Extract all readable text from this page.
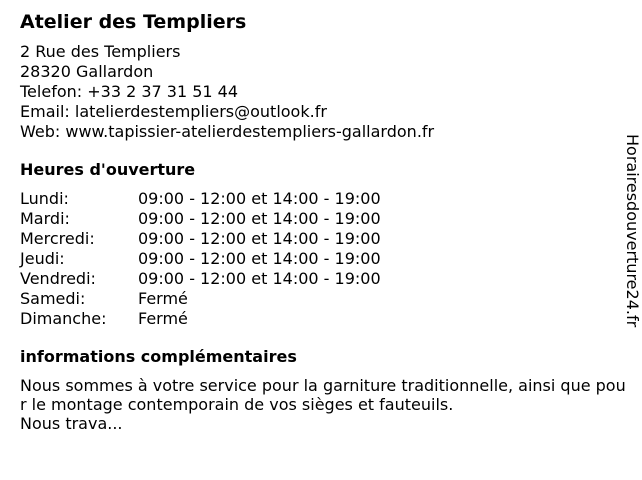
Atelier des Templiers
2 Rue des Templiers
28320 Gallardon
Telefon: +33 2 37 31 51 44
Email: latelierdestempliers@outlook.fr
Web: www.tapissier-atelierdestempliers-gallardon.fr
Heures d'ouverture
Lundi:	09:00 - 12:00 et 14:00 - 19:00
Mardi:	09:00 - 12:00 et 14:00 - 19:00
Mercredi:	09:00 - 12:00 et 14:00 - 19:00
Jeudi:	09:00 - 12:00 et 14:00 - 19:00
Vendredi:	09:00 - 12:00 et 14:00 - 19:00
Samedi:	Fermé
Dimanche: Fermé
informations complémentaires
Nous sommes à votre service pour la garniture traditionnelle, ainsi que pour le montage contemporain de vos sièges et fauteuils.
Nous trava...
Horairesdouverture24.fr
